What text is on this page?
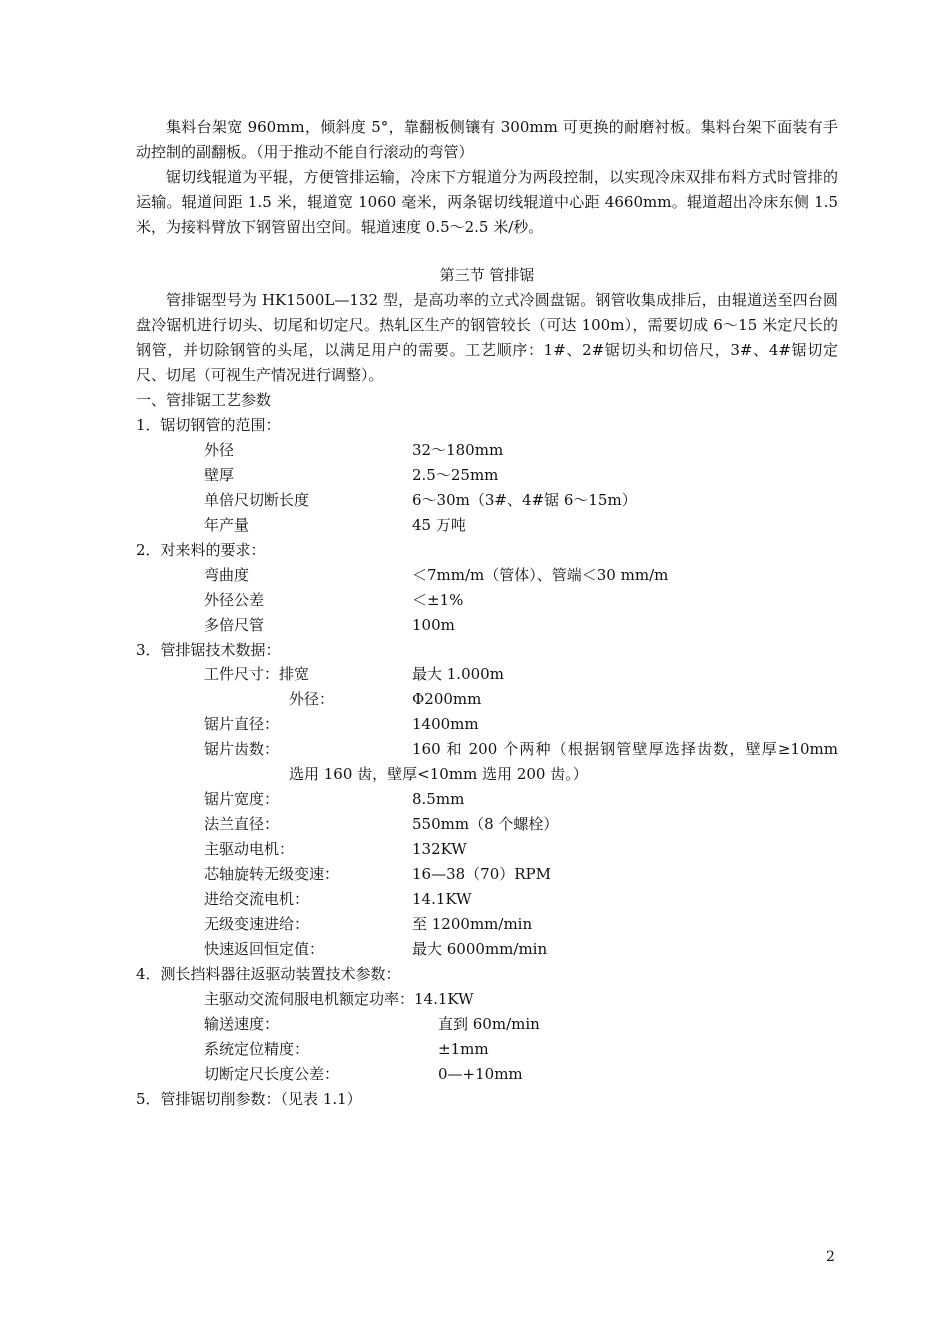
集料台架宽 960mm，倾斜度 5°，靠翻板侧镶有 300mm 可更换的耐磨衬板。集料台架下面装有手动控制的副翻板。（用于推动不能自行滚动的弯管）
锯切线辊道为平辊，方便管排运输，冷床下方辊道分为两段控制，以实现冷床双排布料方式时管排的运输。辊道间距 1.5 米，辊道宽 1060 毫米，两条锯切线辊道中心距 4660mm。辊道超出冷床东侧 1.5 米，为接料臂放下钢管留出空间。辊道速度 0.5～2.5 米/秒。
第三节 管排锯
管排锯型号为 HK1500L—132 型，是高功率的立式冷圆盘锯。钢管收集成排后，由辊道送至四台圆盘冷锯机进行切头、切尾和切定尺。热轧区生产的钢管较长（可达 100m），需要切成 6～15 米定尺长的钢管，并切除钢管的头尾，以满足用户的需要。工艺顺序：1#、2#锯切头和切倍尺，3#、4#锯切定尺、切尾（可视生产情况进行调整）。
一、管排锯工艺参数
1．锯切钢管的范围：
外径	32～180mm
壁厚	2.5～25mm
单倍尺切断长度	6～30m（3#、4#锯 6～15m）
年产量	45 万吨
2．对来料的要求：
弯曲度	＜7mm/m（管体）、管端＜30 mm/m
外径公差	＜±1%
多倍尺管	100m
3．管排锯技术数据：
工件尺寸：排宽	最大 1.000m
外径：	Φ200mm
锯片直径：	1400mm
锯片齿数：	160 和 200 个两种（根据钢管壁厚选择齿数，壁厚≥10mm
选用 160 齿，壁厚<10mm 选用 200 齿。）
锯片宽度：	8.5mm
法兰直径：	550mm（8 个螺栓）
主驱动电机：	132KW
芯轴旋转无级变速：	16—38（70）RPM
进给交流电机：	14.1KW
无级变速进给：	至 1200mm/min
快速返回恒定值：	最大 6000mm/min
4．测长挡料器往返驱动装置技术参数：
主驱动交流伺服电机额定功率：14.1KW
输送速度：	直到 60m/min
系统定位精度：	±1mm
切断定尺长度公差：	0—+10mm
5．管排锯切削参数：（见表 1.1）
2
